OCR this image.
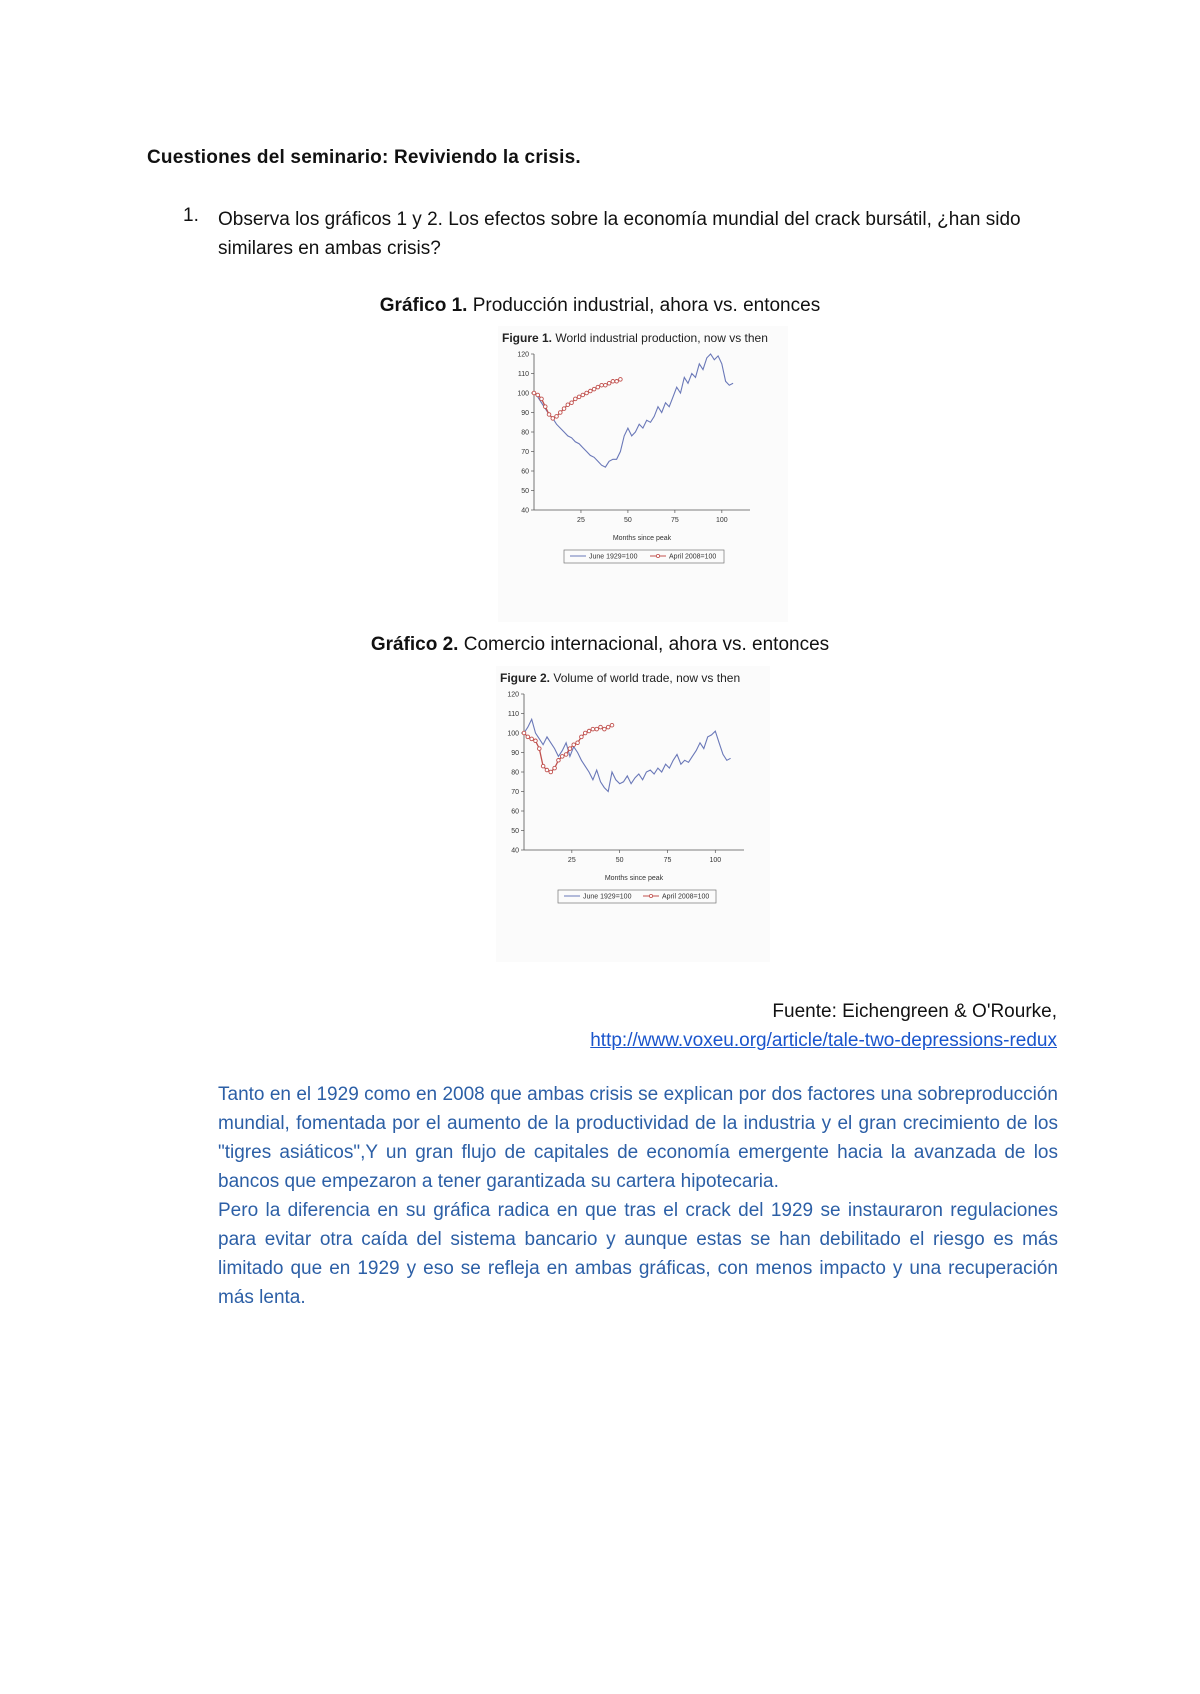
Cuestiones del seminario: Reviviendo la crisis.
1. Observa los gráficos 1 y 2. Los efectos sobre la economía mundial del crack bursátil, ¿han sido similares en ambas crisis?
Gráfico 1. Producción industrial, ahora vs. entonces
Figure 1. World industrial production, now vs then
40
50
60
70
80
90
100
110
120
25	50	75	100
Months since peak
June 1929=100	April 2008=100
Gráfico 2. Comercio internacional, ahora vs. entonces
Figure 2. Volume of world trade, now vs then
40
50
60
70
80
90
100
110
120
25	50	75	100
Months since peak
June 1929=100	April 2008=100
Fuente: Eichengreen & O'Rourke,
http://www.voxeu.org/article/tale-two-depressions-redux

Tanto en el 1929 como en 2008 que ambas crisis se explican por dos factores una sobreproducción mundial, fomentada por el aumento de la productividad de la industria y el gran crecimiento de los "tigres asiáticos",Y un gran flujo de capitales de economía emergente hacia la avanzada de los bancos que empezaron a tener garantizada su cartera hipotecaria.

Pero la diferencia en su gráfica radica en que tras el crack del 1929 se instauraron regulaciones para evitar otra caída del sistema bancario y aunque estas se han debilitado el riesgo es más limitado que en 1929 y eso se refleja en ambas gráficas, con menos impacto y una recuperación más lenta.
